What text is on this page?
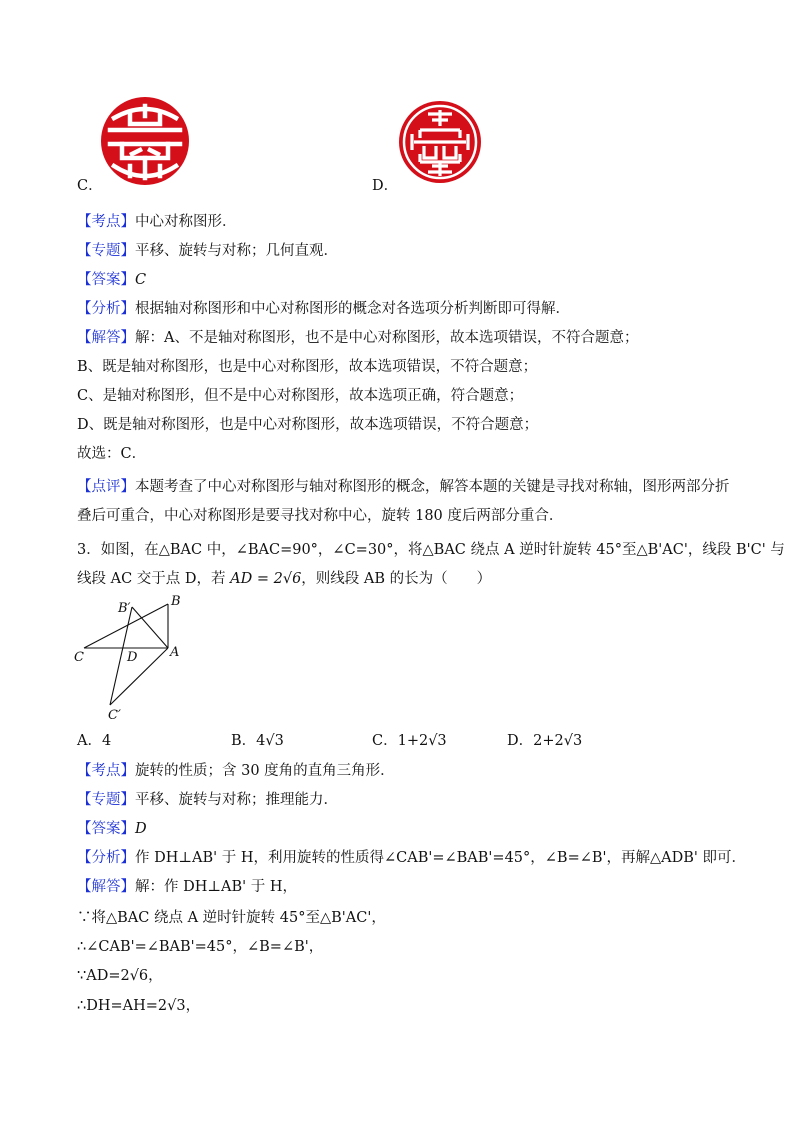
C．	D．
【考点】中心对称图形．
【专题】平移、旋转与对称；几何直观．
【答案】C
【分析】根据轴对称图形和中心对称图形的概念对各选项分析判断即可得解．
【解答】解：A、不是轴对称图形，也不是中心对称图形，故本选项错误，不符合题意；
B、既是轴对称图形，也是中心对称图形，故本选项错误，不符合题意；
C、是轴对称图形，但不是中心对称图形，故本选项正确，符合题意；
D、既是轴对称图形，也是中心对称图形，故本选项错误，不符合题意；
故选：C．
【点评】本题考查了中心对称图形与轴对称图形的概念，解答本题的关键是寻找对称轴，图形两部分折
叠后可重合，中心对称图形是要寻找对称中心，旋转 180 度后两部分重合．
3．如图，在△BAC 中，∠BAC=90°，∠C=30°，将△BAC 绕点 A 逆时针旋转 45°至△B'AC'，线段 B'C' 与
线段 AC 交于点 D，若 AD = 2√6，则线段 AB 的长为（　　）
B
B′
C	D	A
C′
A．4	B．4√3	C．1+2√3	D．2+2√3
【考点】旋转的性质；含 30 度角的直角三角形．
【专题】平移、旋转与对称；推理能力．
【答案】D
【分析】作 DH⊥AB' 于 H，利用旋转的性质得∠CAB'=∠BAB'=45°，∠B=∠B'，再解△ADB' 即可．
【解答】解：作 DH⊥AB' 于 H，
∵将△BAC 绕点 A 逆时针旋转 45°至△B'AC'，
∴∠CAB'=∠BAB'=45°，∠B=∠B'，
∵AD=2√6，
∴DH=AH=2√3，
